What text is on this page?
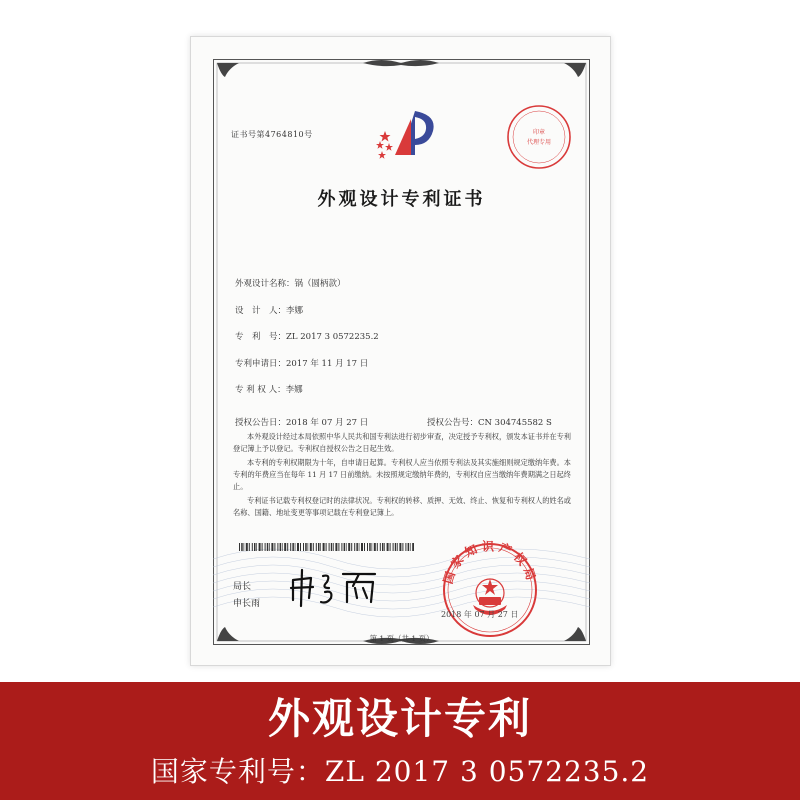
证书号第4764810号	印章
代理专用
外观设计专利证书
外观设计名称：锅（圆柄款）
设　计　人：李娜
专　利　号：ZL 2017 3 0572235.2
专利申请日：2017 年 11 月 17 日
专 利 权 人：李娜
授权公告日：2018 年 07 月 27 日	授权公告号：CN 304745582 S

本外观设计经过本局依照中华人民共和国专利法进行初步审查，决定授予专利权，颁发本证书并在专利登记簿上予以登记。专利权自授权公告之日起生效。

本专利的专利权期限为十年，自申请日起算。专利权人应当依照专利法及其实施细则规定缴纳年费。本专利的年费应当在每年 11 月 17 日前缴纳。未按照规定缴纳年费的，专利权自应当缴纳年费期满之日起终止。

专利证书记载专利权登记时的法律状况。专利权的转移、质押、无效、终止、恢复和专利权人的姓名或名称、国籍、地址变更等事项记载在专利登记簿上。

局长
申长雨
国家知识产权局
2018 年 07 月 27 日
第 1 页（共 1 页）
外观设计专利
国家专利号：ZL 2017 3 0572235.2
